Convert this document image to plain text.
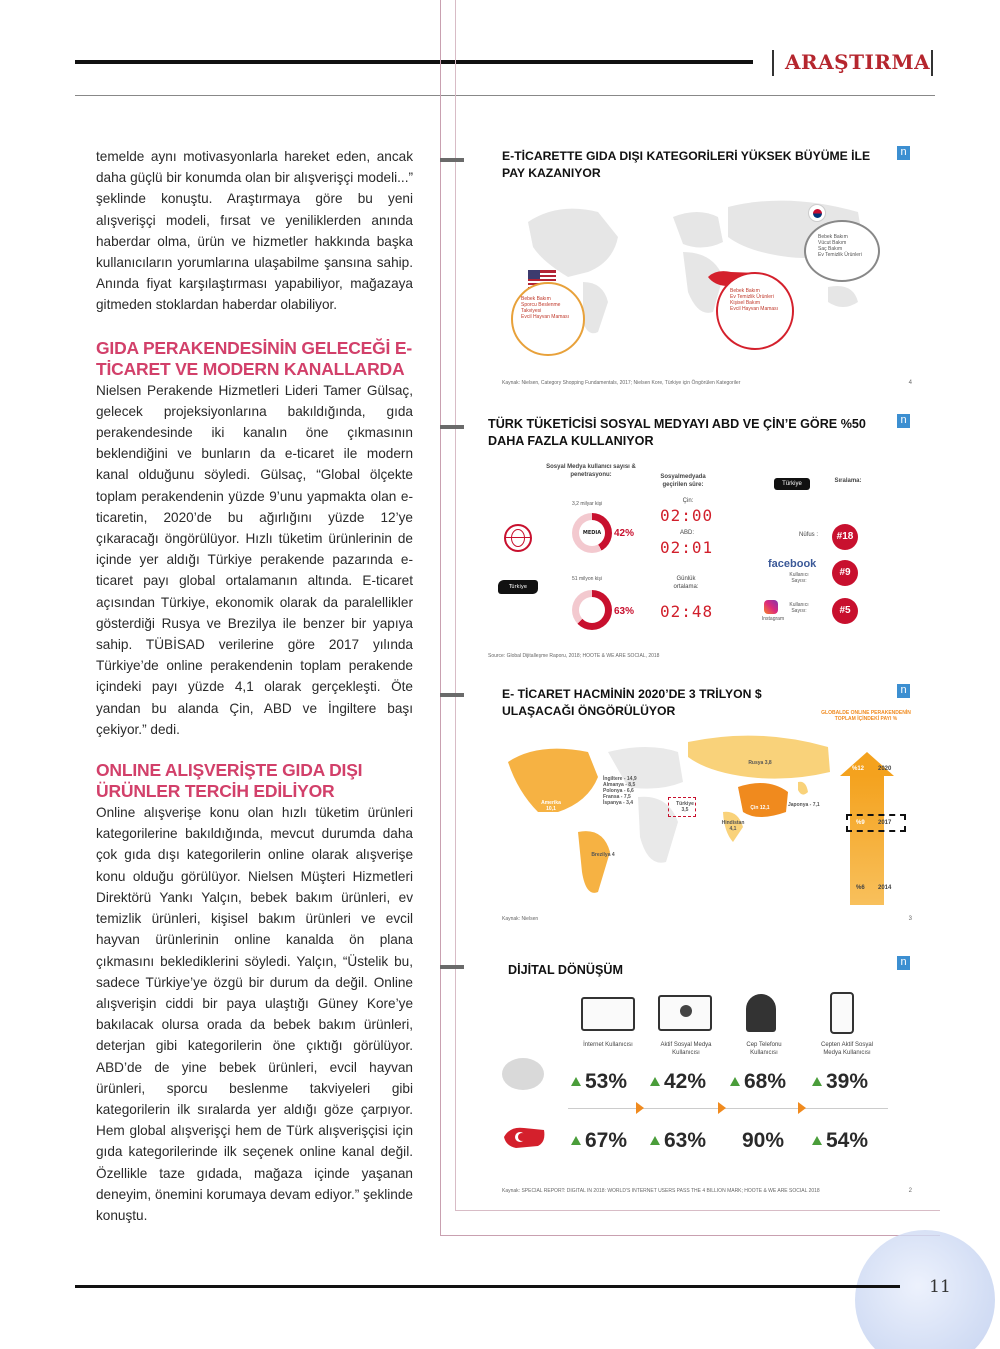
ARAŞTIRMA

temelde aynı motivasyonlarla hareket eden, ancak daha güçlü bir konumda olan bir alışverişçi modeli...” şeklinde konuştu. Araştırmaya göre bu yeni alışverişçi modeli, fırsat ve yeniliklerden anında haberdar olma, ürün ve hizmetler hakkında başka kullanıcıların yorumlarına ulaşabilme şansına sahip. Anında fiyat karşılaştırması yapabiliyor, mağazaya gitmeden stoklardan haberdar olabiliyor.

GIDA PERAKENDESİNİN GELECEĞİ E-TİCARET VE MODERN KANALLARDA

Nielsen Perakende Hizmetleri Lideri Tamer Gülsaç, gelecek projeksiyonlarına bakıldığında, gıda perakendesinde iki kanalın öne çıkmasının beklendiğini ve bunların da e-ticaret ile modern kanal olduğunu söyledi. Gülsaç, “Global ölçekte toplam perakendenin yüzde 9’unu yapmakta olan e-ticaretin, 2020’de bu ağırlığını yüzde 12’ye çıkaracağı öngörülüyor. Hızlı tüketim ürünlerinin de içinde yer aldığı Türkiye perakende pazarında e-ticaret payı global ortalamanın altında. E-ticaret açısından Türkiye, ekonomik olarak da paralellikler gösterdiği Rusya ve Brezilya ile benzer bir yapıya sahip. TÜBİSAD verilerine göre 2017 yılında Türkiye’de online perakendenin toplam perakende içindeki payı yüzde 4,1 olarak gerçekleşti. Öte yandan bu alanda Çin, ABD ve İngiltere başı çekiyor.” dedi.

ONLINE ALIŞVERİŞTE GIDA DIŞI ÜRÜNLER TERCİH EDİLİYOR

Online alışverişe konu olan hızlı tüketim ürünleri kategorilerine bakıldığında, mevcut durumda daha çok gıda dışı kategorilerin online olarak alışverişe konu olduğu görülüyor. Nielsen Müşteri Hizmetleri Direktörü Yankı Yalçın, bebek bakım ürünleri, ev temizlik ürünleri, kişisel bakım ürünleri ve evcil hayvan ürünlerinin online kanalda ön plana çıkmasını beklediklerini söyledi. Yalçın, “Üstelik bu, sadece Türkiye’ye özgü bir durum da değil. Online alışverişin ciddi bir paya ulaştığı Güney Kore’ye bakılacak olursa orada da bebek bakım ürünleri, deterjan gibi kategorilerin öne çıktığı görülüyor. ABD’de de yine bebek ürünleri, evcil hayvan ürünleri, sporcu beslenme takviyeleri gibi kategorilerin ilk sıralarda yer aldığı göze çarpıyor. Hem global alışverişçi hem de Türk alışverişçisi için gıda kategorilerinde ilk seçenek online kanal değil. Özellikle taze gıdada, mağaza içinde yaşanan deneyim, önemini korumaya devam ediyor.” şeklinde konuştu.

E-TİCARETTE GIDA DIŞI KATEGORİLERİ YÜKSEK BÜYÜME İLE PAY KAZANIYOR
n
Bebek Bakım
Sporcu Beslenme Takviyesi
Evcil Hayvan Maması
Bebek Bakım
Ev Temizlik Ürünleri
Kişisel Bakım
Evcil Hayvan Maması
Bebek Bakım
Vücut Bakım
Saç Bakım
Ev Temizlik Ürünleri
Kaynak: Nielsen, Category Shopping Fundamentals, 2017; Nielsen Kore, Türkiye için Öngörülen Kategoriler	4
TÜRK TÜKETİCİSİ SOSYAL MEDYAYI ABD VE ÇİN’E GÖRE %50 DAHA FAZLA KULLANIYOR
n
Sosyal Medya kullanıcı sayısı & penetrasyonu:	Sosyalmedyada geçirilen süre:	Türkiye	Sıralama:
3,2 milyar kişi
MEDIA	42%
Çin:
02:00
ABD:
02:01
Nüfus :	#18
Türkiye
51 milyon kişi
63%
Günlük ortalama:
02:48
facebook
Kullanıcı Sayısı:
#9
Instagram
Kullanıcı Sayısı:	#5
Source: Global Dijitalleşme Raporu, 2018; HOOTE & WE ARE SOCIAL, 2018
E- TİCARET HACMİNİN 2020’DE 3 TRİLYON $ ULAŞACAĞI ÖNGÖRÜLÜYOR
n
GLOBALDE ONLINE PERAKENDENİN TOPLAM İÇİNDEKİ PAYI %
İngiltere - 14,9
Almanya - 8,5
Polonya - 6,6
Fransa - 7,5
İspanya - 3,4
Rusya 3,8
Amerika 10,1
Türkiye 3,5	Çin 12,1	Japonya - 7,1
Hindistan 4,1
Brezilya 4
%12 2020
%9 2017
%6 2014
Kaynak: Nielsen	3
DİJİTAL DÖNÜŞÜM
n
İnternet Kullanıcısı	Aktif Sosyal Medya Kullanıcısı
Cep Telefonu Kullanıcısı
Cepten Aktif Sosyal Medya Kullanıcısı
53%	42%	68%	39%
67%	63% 90%	54%
Kaynak: SPECIAL REPORT: DIGITAL IN 2018: WORLD’S INTERNET USERS PASS THE 4 BILLION MARK; HOOTE & WE ARE SOCIAL 2018	2
11
